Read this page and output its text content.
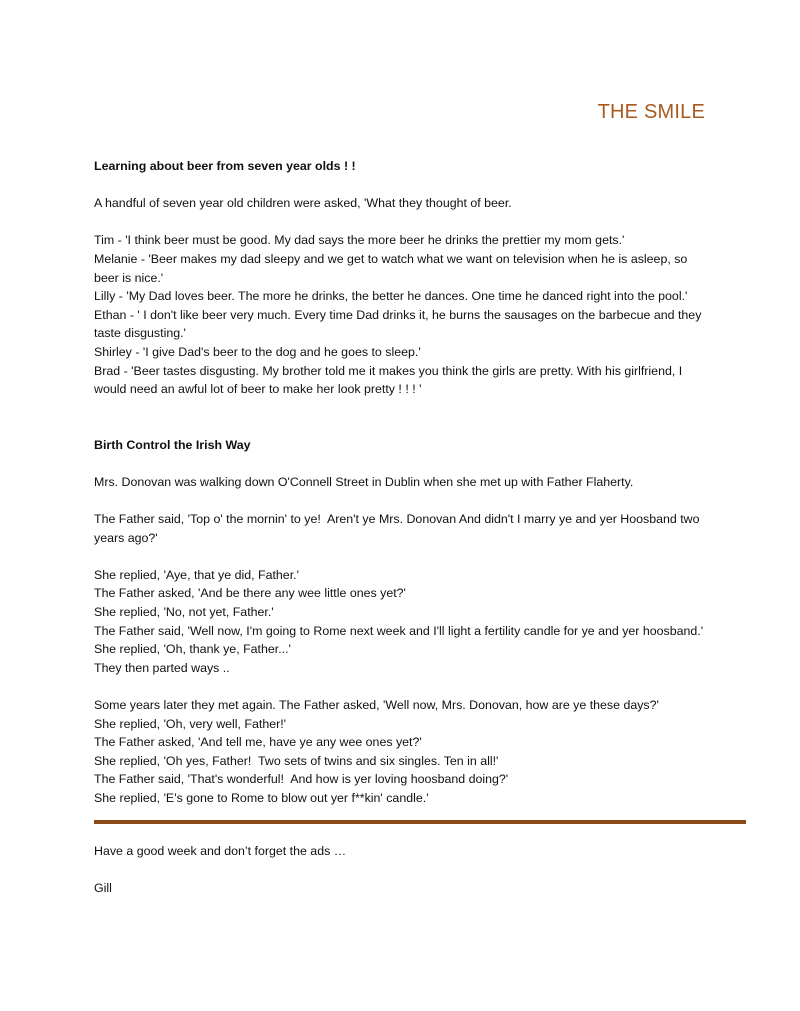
THE SMILE
Learning about beer from seven year olds ! !
A handful of seven year old children were asked, 'What they thought of beer.
Tim - 'I think beer must be good. My dad says the more beer he drinks the prettier my mom gets.'
Melanie - 'Beer makes my dad sleepy and we get to watch what we want on television when he is asleep, so beer is nice.'
Lilly - 'My Dad loves beer. The more he drinks, the better he dances. One time he danced right into the pool.'
Ethan - ' I don't like beer very much. Every time Dad drinks it, he burns the sausages on the barbecue and they taste disgusting.'
Shirley - 'I give Dad's beer to the dog and he goes to sleep.'
Brad - 'Beer tastes disgusting. My brother told me it makes you think the girls are pretty. With his girlfriend, I would need an awful lot of beer to make her look pretty ! ! ! '
Birth Control the Irish Way
Mrs. Donovan was walking down O'Connell Street in Dublin when she met up with Father Flaherty.
The Father said, 'Top o' the mornin' to ye!  Aren't ye Mrs. Donovan And didn't I marry ye and yer Hoosband two years ago?'
She replied, 'Aye, that ye did, Father.'
The Father asked, 'And be there any wee little ones yet?'
She replied, 'No, not yet, Father.'
The Father said, 'Well now, I'm going to Rome next week and I'll light a fertility candle for ye and yer hoosband.'
She replied, 'Oh, thank ye, Father...'
They then parted ways ..
Some years later they met again. The Father asked, 'Well now, Mrs. Donovan, how are ye these days?'
She replied, 'Oh, very well, Father!'
The Father asked, 'And tell me, have ye any wee ones yet?'
She replied, 'Oh yes, Father!  Two sets of twins and six singles. Ten in all!'
The Father said, 'That's wonderful!  And how is yer loving hoosband doing?'
She replied, 'E's gone to Rome to blow out yer f**kin' candle.'
Have a good week and don’t forget the ads …
Gill
